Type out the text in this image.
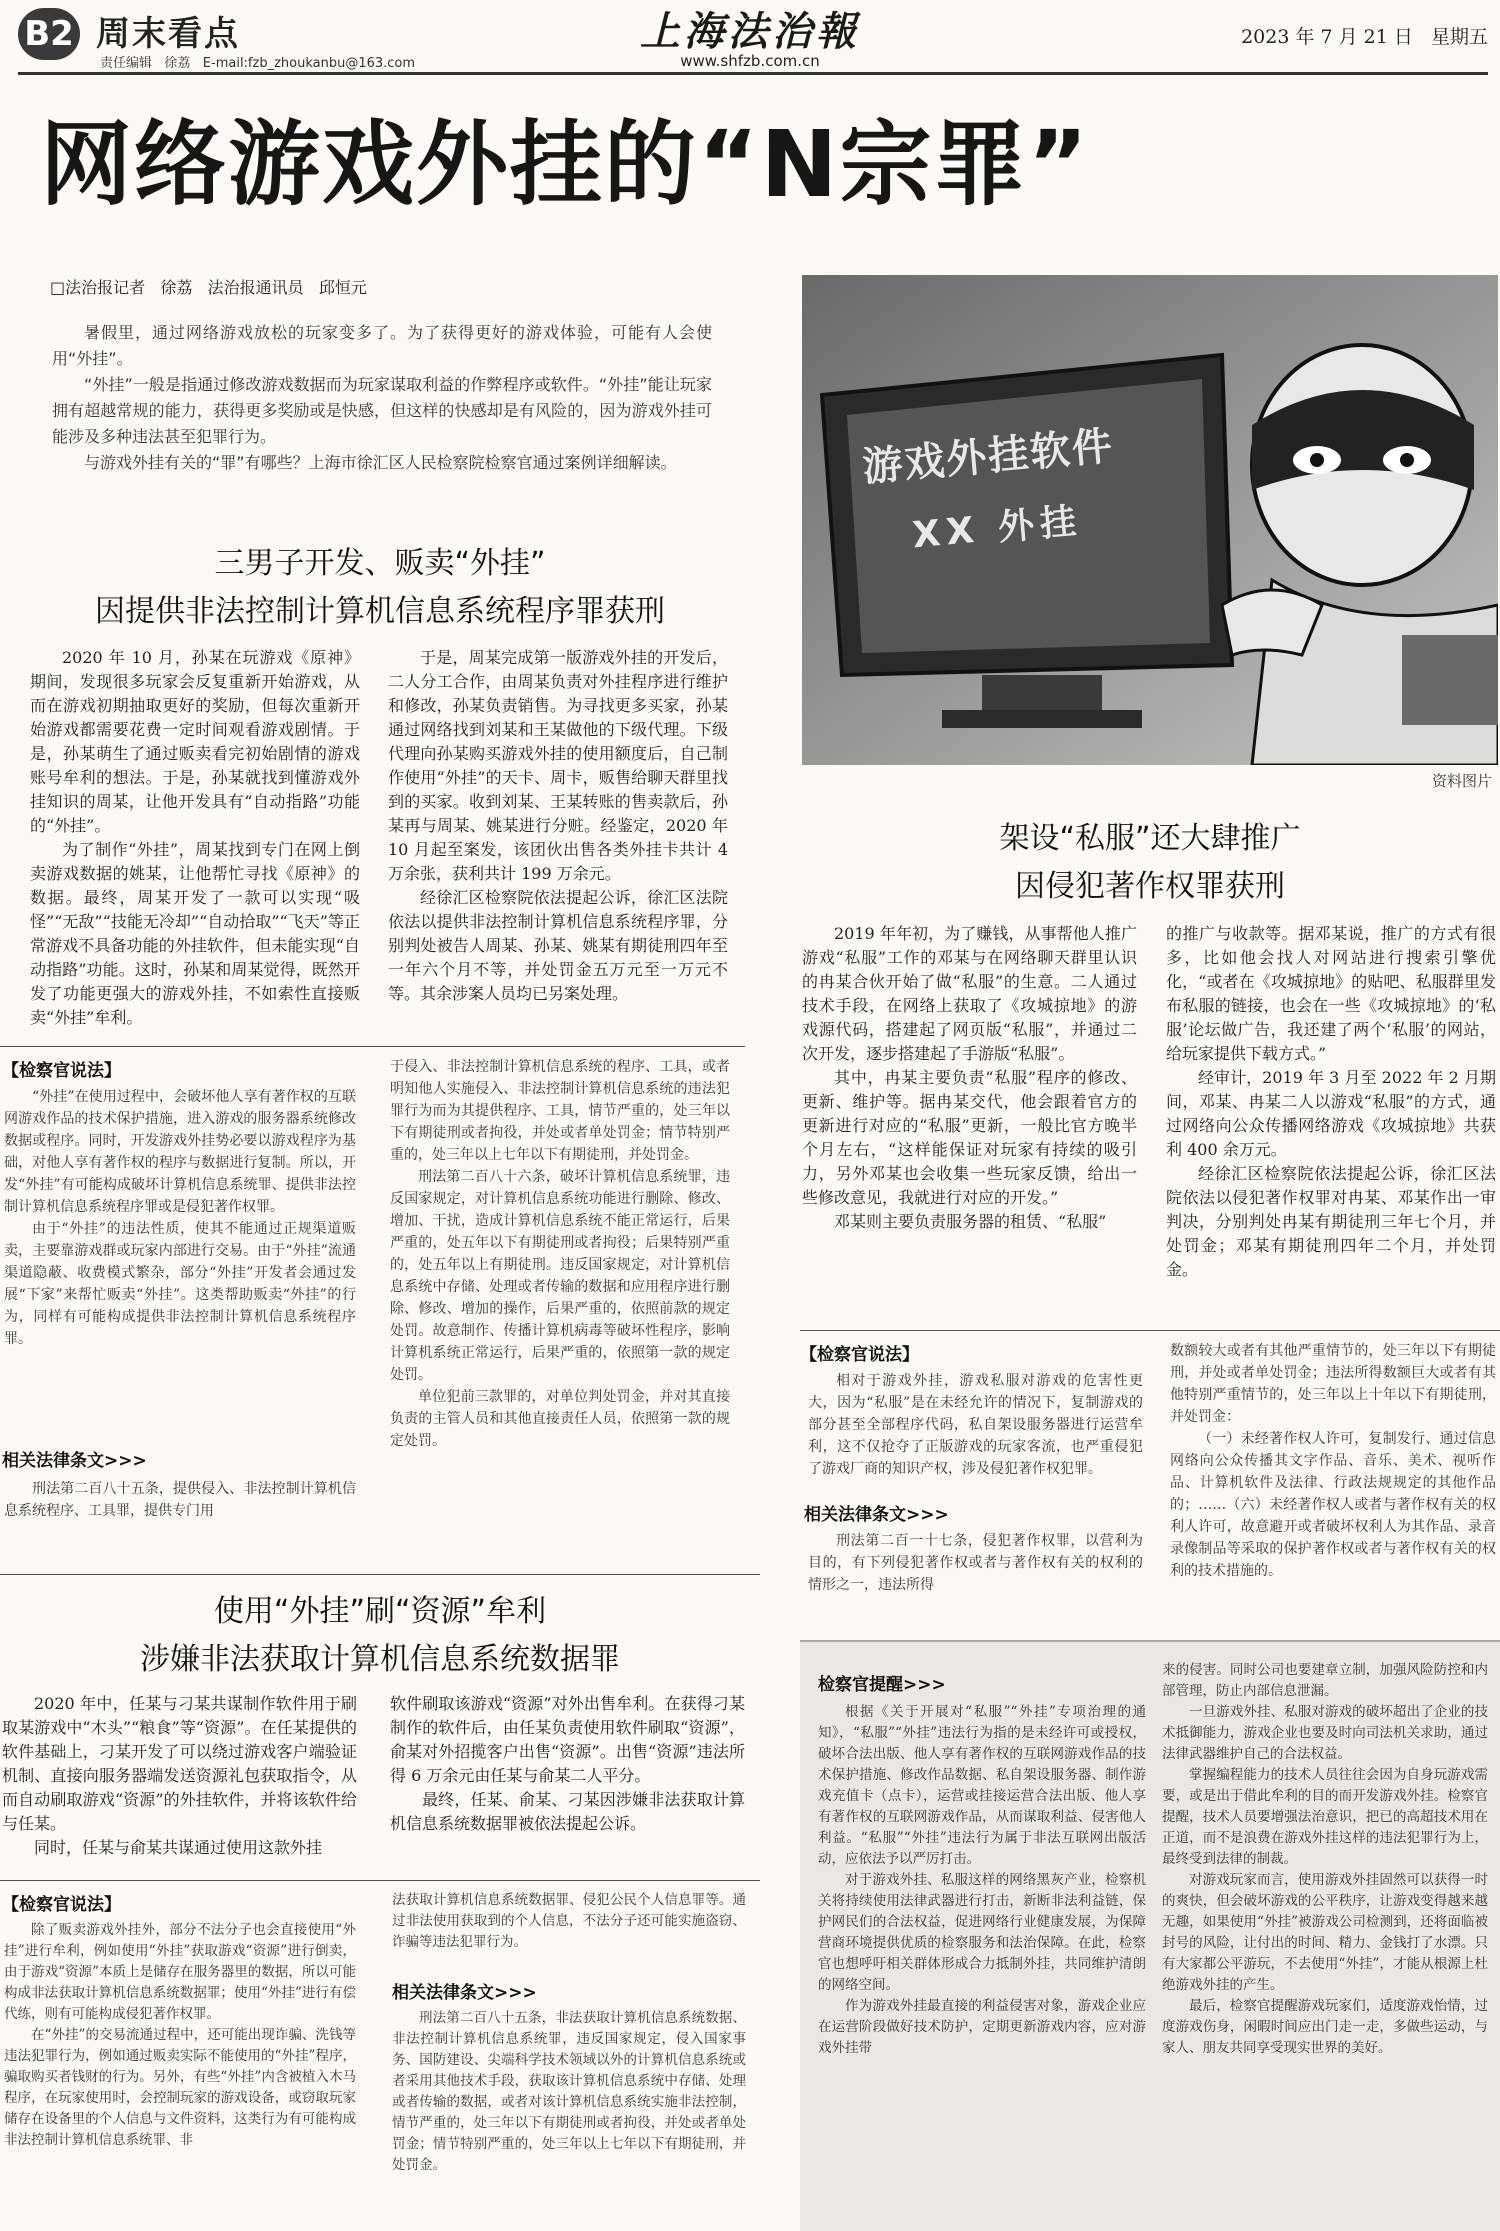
B2 周末看点
责任编辑   徐荔   E-mail:fzb_zhoukanbu@163.com
上海法治報
www.shfzb.com.cn
2023 年 7 月 21 日   星期五
网络游戏外挂的“N宗罪”
□法治报记者   徐荔   法治报通讯员   邱恒元

暑假里，通过网络游戏放松的玩家变多了。为了获得更好的游戏体验，可能有人会使用“外挂”。

“外挂”一般是指通过修改游戏数据而为玩家谋取利益的作弊程序或软件。“外挂”能让玩家拥有超越常规的能力，获得更多奖励或是快感，但这样的快感却是有风险的，因为游戏外挂可能涉及多种违法甚至犯罪行为。

与游戏外挂有关的“罪”有哪些？上海市徐汇区人民检察院检察官通过案例详细解读。	游戏外挂软件
XX 外挂
资料图片
三男子开发、贩卖“外挂”
因提供非法控制计算机信息系统程序罪获刑

2020 年 10 月，孙某在玩游戏《原神》期间，发现很多玩家会反复重新开始游戏，从而在游戏初期抽取更好的奖励，但每次重新开始游戏都需要花费一定时间观看游戏剧情。于是，孙某萌生了通过贩卖看完初始剧情的游戏账号牟利的想法。于是，孙某就找到懂游戏外挂知识的周某，让他开发具有“自动指路”功能的“外挂”。

为了制作“外挂”，周某找到专门在网上倒卖游戏数据的姚某，让他帮忙寻找《原神》的数据。最终，周某开发了一款可以实现“吸怪”“无敌”“技能无冷却”“自动拾取”“飞天”等正常游戏不具备功能的外挂软件，但未能实现“自动指路”功能。这时，孙某和周某觉得，既然开发了功能更强大的游戏外挂，不如索性直接贩卖“外挂”牟利。

于是，周某完成第一版游戏外挂的开发后，二人分工合作，由周某负责对外挂程序进行维护和修改，孙某负责销售。为寻找更多买家，孙某通过网络找到刘某和王某做他的下级代理。下级代理向孙某购买游戏外挂的使用额度后，自己制作使用“外挂”的天卡、周卡，贩售给聊天群里找到的买家。收到刘某、王某转账的售卖款后，孙某再与周某、姚某进行分赃。经鉴定，2020 年 10 月起至案发，该团伙出售各类外挂卡共计 4 万余张，获利共计 199 万余元。

经徐汇区检察院依法提起公诉，徐汇区法院依法以提供非法控制计算机信息系统程序罪，分别判处被告人周某、孙某、姚某有期徒刑四年至一年六个月不等，并处罚金五万元至一万元不等。其余涉案人员均已另案处理。

【检察官说法】

“外挂”在使用过程中，会破坏他人享有著作权的互联网游戏作品的技术保护措施，进入游戏的服务器系统修改数据或程序。同时，开发游戏外挂势必要以游戏程序为基础，对他人享有著作权的程序与数据进行复制。所以，开发“外挂”有可能构成破坏计算机信息系统罪、提供非法控制计算机信息系统程序罪或是侵犯著作权罪。

由于“外挂”的违法性质，使其不能通过正规渠道贩卖，主要靠游戏群或玩家内部进行交易。由于“外挂”流通渠道隐蔽、收费模式繁杂，部分“外挂”开发者会通过发展“下家”来帮忙贩卖“外挂”。这类帮助贩卖“外挂”的行为，同样有可能构成提供非法控制计算机信息系统程序罪。

相关法律条文>>>

刑法第二百八十五条，提供侵入、非法控制计算机信息系统程序、工具罪，提供专门用

于侵入、非法控制计算机信息系统的程序、工具，或者明知他人实施侵入、非法控制计算机信息系统的违法犯罪行为而为其提供程序、工具，情节严重的，处三年以下有期徒刑或者拘役，并处或者单处罚金；情节特别严重的，处三年以上七年以下有期徒刑，并处罚金。

刑法第二百八十六条，破坏计算机信息系统罪，违反国家规定，对计算机信息系统功能进行删除、修改、增加、干扰，造成计算机信息系统不能正常运行，后果严重的，处五年以下有期徒刑或者拘役；后果特别严重的，处五年以上有期徒刑。违反国家规定，对计算机信息系统中存储、处理或者传输的数据和应用程序进行删除、修改、增加的操作，后果严重的，依照前款的规定处罚。故意制作、传播计算机病毒等破坏性程序，影响计算机系统正常运行，后果严重的，依照第一款的规定处罚。

单位犯前三款罪的，对单位判处罚金，并对其直接负责的主管人员和其他直接责任人员，依照第一款的规定处罚。

架设“私服”还大肆推广
因侵犯著作权罪获刑

2019 年年初，为了赚钱，从事帮他人推广游戏“私服”工作的邓某与在网络聊天群里认识的冉某合伙开始了做“私服”的生意。二人通过技术手段，在网络上获取了《攻城掠地》的游戏源代码，搭建起了网页版“私服”，并通过二次开发，逐步搭建起了手游版“私服”。

其中，冉某主要负责“私服”程序的修改、更新、维护等。据冉某交代，他会跟着官方的更新进行对应的“私服”更新，一般比官方晚半个月左右，“这样能保证对玩家有持续的吸引力，另外邓某也会收集一些玩家反馈，给出一些修改意见，我就进行对应的开发。”

邓某则主要负责服务器的租赁、“私服”

的推广与收款等。据邓某说，推广的方式有很多，比如他会找人对网站进行搜索引擎优化，“或者在《攻城掠地》的贴吧、私服群里发布私服的链接，也会在一些《攻城掠地》的‘私服’论坛做广告，我还建了两个‘私服’的网站，给玩家提供下载方式。”

经审计，2019 年 3 月至 2022 年 2 月期间，邓某、冉某二人以游戏“私服”的方式，通过网络向公众传播网络游戏《攻城掠地》共获利 400 余万元。

经徐汇区检察院依法提起公诉，徐汇区法院依法以侵犯著作权罪对冉某、邓某作出一审判决，分别判处冉某有期徒刑三年七个月，并处罚金；邓某有期徒刑四年二个月，并处罚金。

【检察官说法】

相对于游戏外挂，游戏私服对游戏的危害性更大，因为“私服”是在未经允许的情况下，复制游戏的部分甚至全部程序代码，私自架设服务器进行运营牟利，这不仅抢夺了正版游戏的玩家客流，也严重侵犯了游戏厂商的知识产权，涉及侵犯著作权犯罪。

相关法律条文>>>

刑法第二百一十七条，侵犯著作权罪，以营利为目的，有下列侵犯著作权或者与著作权有关的权利的情形之一，违法所得

数额较大或者有其他严重情节的，处三年以下有期徒刑，并处或者单处罚金；违法所得数额巨大或者有其他特别严重情节的，处三年以上十年以下有期徒刑，并处罚金：

（一）未经著作权人许可，复制发行、通过信息网络向公众传播其文字作品、音乐、美术、视听作品、计算机软件及法律、行政法规规定的其他作品的；……（六）未经著作权人或者与著作权有关的权利人许可，故意避开或者破坏权利人为其作品、录音录像制品等采取的保护著作权或者与著作权有关的权利的技术措施的。

使用“外挂”刷“资源”牟利
涉嫌非法获取计算机信息系统数据罪

2020 年中，任某与刁某共谋制作软件用于刷取某游戏中“木头”“粮食”等“资源”。在任某提供的软件基础上，刁某开发了可以绕过游戏客户端验证机制、直接向服务器端发送资源礼包获取指令，从而自动刷取游戏“资源”的外挂软件，并将该软件给与任某。

同时，任某与俞某共谋通过使用这款外挂

软件刷取该游戏“资源”对外出售牟利。在获得刁某制作的软件后，由任某负责使用软件刷取“资源”，俞某对外招揽客户出售“资源”。出售“资源”违法所得 6 万余元由任某与俞某二人平分。

最终，任某、俞某、刁某因涉嫌非法获取计算机信息系统数据罪被依法提起公诉。

【检察官说法】

除了贩卖游戏外挂外，部分不法分子也会直接使用“外挂”进行牟利，例如使用“外挂”获取游戏“资源”进行倒卖，由于游戏“资源”本质上是储存在服务器里的数据，所以可能构成非法获取计算机信息系统数据罪；使用“外挂”进行有偿代练，则有可能构成侵犯著作权罪。

在“外挂”的交易流通过程中，还可能出现诈骗、洗钱等违法犯罪行为，例如通过贩卖实际不能使用的“外挂”程序，骗取购买者钱财的行为。另外，有些“外挂”内含被植入木马程序，在玩家使用时，会控制玩家的游戏设备，或窃取玩家储存在设备里的个人信息与文件资料，这类行为有可能构成非法控制计算机信息系统罪、非

法获取计算机信息系统数据罪、侵犯公民个人信息罪等。通过非法使用获取到的个人信息，不法分子还可能实施盗窃、诈骗等违法犯罪行为。

相关法律条文>>>

刑法第二百八十五条，非法获取计算机信息系统数据、非法控制计算机信息系统罪，违反国家规定，侵入国家事务、国防建设、尖端科学技术领域以外的计算机信息系统或者采用其他技术手段，获取该计算机信息系统中存储、处理或者传输的数据，或者对该计算机信息系统实施非法控制，情节严重的，处三年以下有期徒刑或者拘役，并处或者单处罚金；情节特别严重的，处三年以上七年以下有期徒刑，并处罚金。

检察官提醒>>>

根据《关于开展对“私服”“外挂”专项治理的通知》，“私服”“外挂”违法行为指的是未经许可或授权，破坏合法出版、他人享有著作权的互联网游戏作品的技术保护措施、修改作品数据、私自架设服务器、制作游戏充值卡（点卡），运营或挂接运营合法出版、他人享有著作权的互联网游戏作品，从而谋取利益、侵害他人利益。“私服”“外挂”违法行为属于非法互联网出版活动，应依法予以严厉打击。

对于游戏外挂、私服这样的网络黑灰产业，检察机关将持续使用法律武器进行打击，新断非法利益链，保护网民们的合法权益，促进网络行业健康发展，为保障营商环境提供优质的检察服务和法治保障。在此，检察官也想呼吁相关群体形成合力抵制外挂，共同维护清朗的网络空间。

作为游戏外挂最直接的利益侵害对象，游戏企业应在运营阶段做好技术防护，定期更新游戏内容，应对游戏外挂带

来的侵害。同时公司也要建章立制，加强风险防控和内部管理，防止内部信息泄漏。

一旦游戏外挂、私服对游戏的破坏超出了企业的技术抵御能力，游戏企业也要及时向司法机关求助，通过法律武器维护自己的合法权益。

掌握编程能力的技术人员往往会因为自身玩游戏需要，或是出于借此牟利的目的而开发游戏外挂。检察官提醒，技术人员要增强法治意识，把已的高超技术用在正道，而不是浪费在游戏外挂这样的违法犯罪行为上，最终受到法律的制裁。

对游戏玩家而言，使用游戏外挂固然可以获得一时的爽快，但会破坏游戏的公平秩序，让游戏变得越来越无趣，如果使用“外挂”被游戏公司检测到，还将面临被封号的风险，让付出的时间、精力、金钱打了水漂。只有大家都公平游玩，不去使用“外挂”，才能从根源上杜绝游戏外挂的产生。

最后，检察官提醒游戏玩家们，适度游戏怡情，过度游戏伤身，闲暇时间应出门走一走，多做些运动，与家人、朋友共同享受现实世界的美好。
